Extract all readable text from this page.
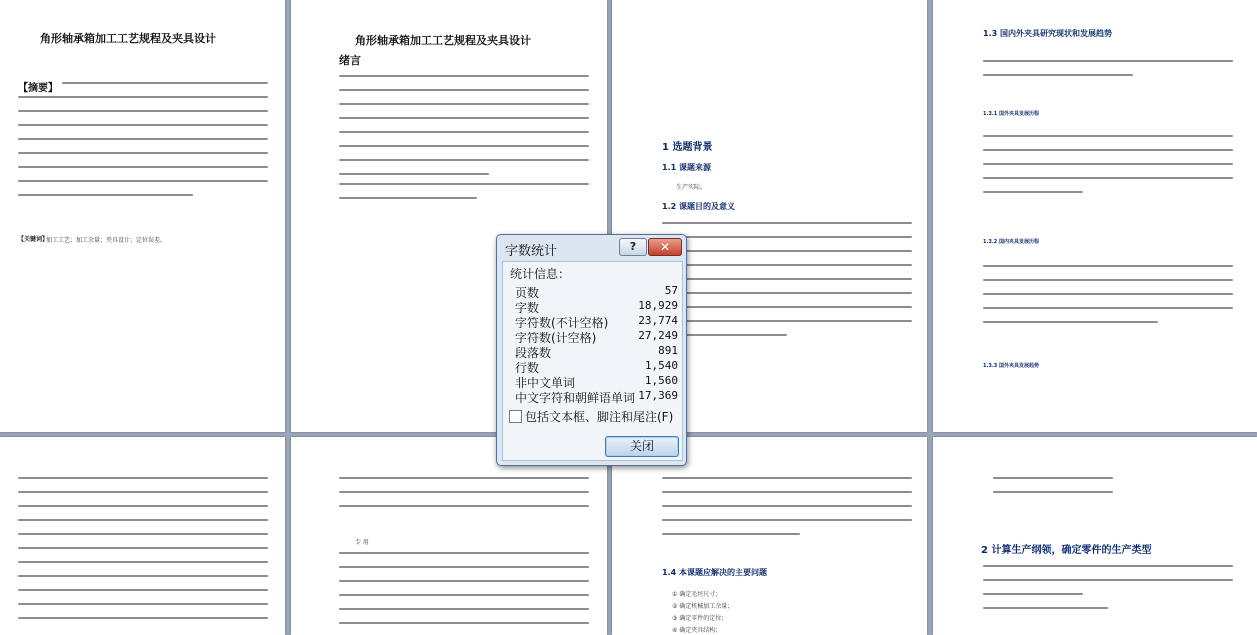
角形轴承箱加工工艺规程及夹具设计
【摘要】
【关键词】
加工工艺；加工余量；夹具设计；定位误差。
角形轴承箱加工工艺规程及夹具设计
绪言
1 选题背景
1.1 课题来源
生产实际。
1.2 课题目的及意义
1.3 国内外夹具研究现状和发展趋势
1.3.1 国外夹具发展历程
1.3.2 国内夹具发展历程
1.3.3 国外夹具发展趋势
专 用
1.4 本课题应解决的主要问题
① 确定毛坯尺寸；
② 确定机械加工余量；
③ 确定零件的定位；
④ 确定夹具结构；
2 计算生产纲领，确定零件的生产类型
字数统计	?	✕
统计信息：
页数	57
字数	18,929
字符数(不计空格)	23,774
字符数(计空格)	27,249
段落数	891
行数	1,540
非中文单词	1,560
中文字符和朝鲜语单词 17,369
包括文本框、脚注和尾注(F)
关闭
